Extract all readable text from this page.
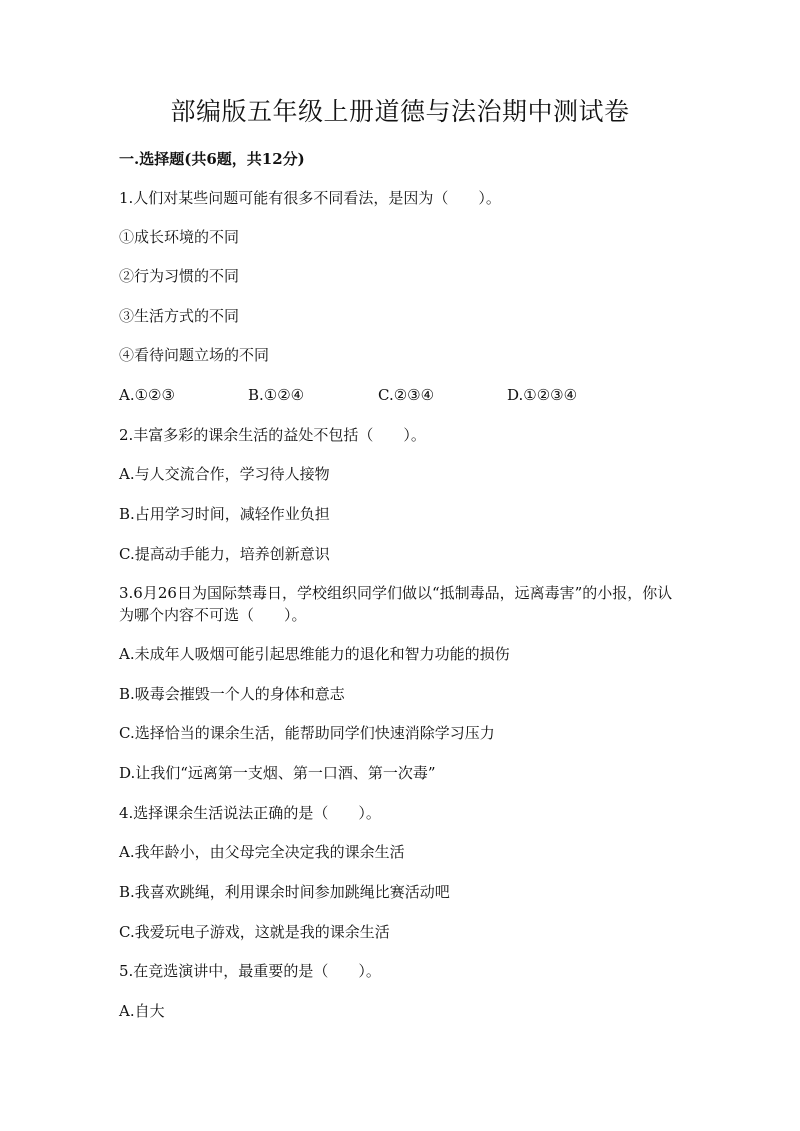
部编版五年级上册道德与法治期中测试卷
一.选择题(共6题，共12分)
1.人们对某些问题可能有很多不同看法，是因为（　　）。
①成长环境的不同
②行为习惯的不同
③生活方式的不同
④看待问题立场的不同
A.①②③	B.①②④	C.②③④	D.①②③④
2.丰富多彩的课余生活的益处不包括（　　）。
A.与人交流合作，学习待人接物
B.占用学习时间，减轻作业负担
C.提高动手能力，培养创新意识
3.6月26日为国际禁毒日，学校组织同学们做以“抵制毒品，远离毒害”的小报，你认为哪个内容不可选（　　）。
A.未成年人吸烟可能引起思维能力的退化和智力功能的损伤
B.吸毒会摧毁一个人的身体和意志
C.选择恰当的课余生活，能帮助同学们快速消除学习压力
D.让我们“远离第一支烟、第一口酒、第一次毒”
4.选择课余生活说法正确的是（　　）。
A.我年龄小，由父母完全决定我的课余生活
B.我喜欢跳绳，利用课余时间参加跳绳比赛活动吧
C.我爱玩电子游戏，这就是我的课余生活
5.在竞选演讲中，最重要的是（　　）。
A.自大
